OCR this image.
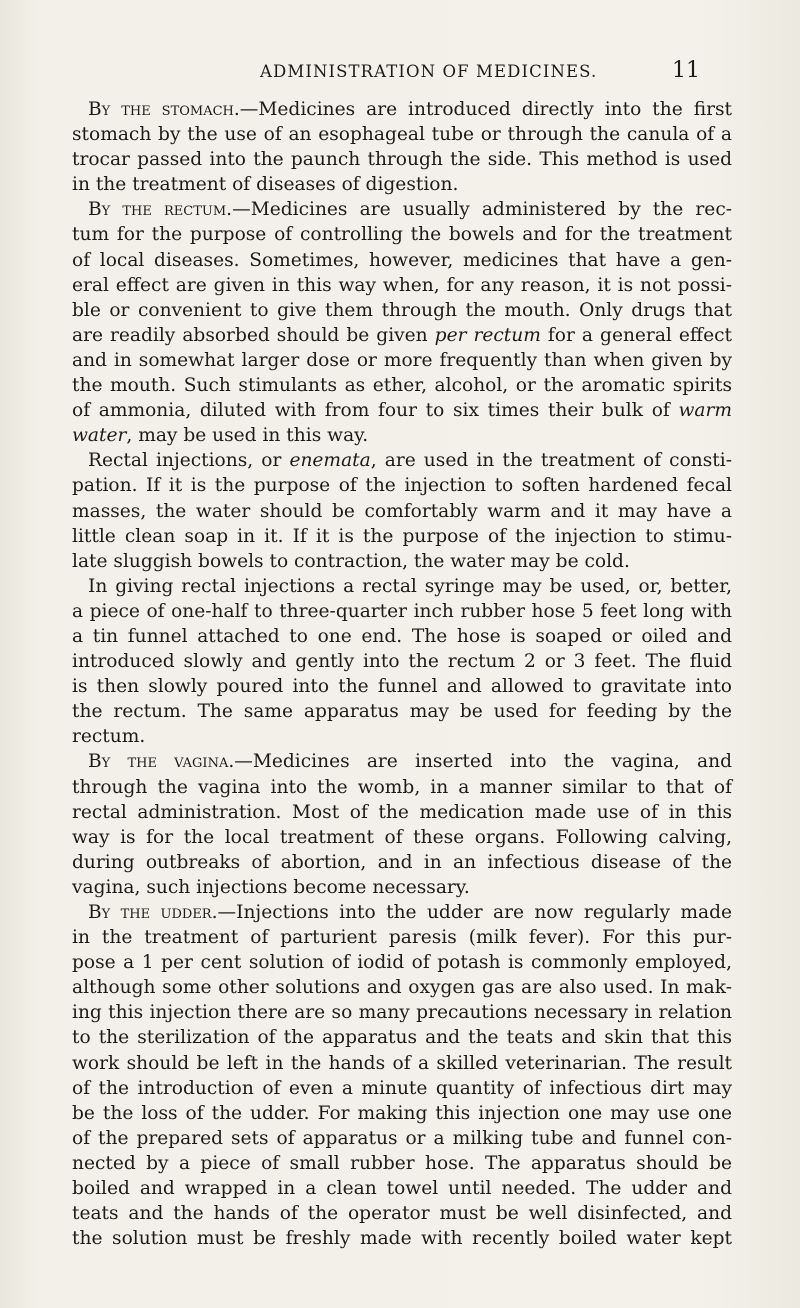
ADMINISTRATION OF MEDICINES.	11
By the stomach.—Medicines are introduced directly into the first
stomach by the use of an esophageal tube or through the canula of a
trocar passed into the paunch through the side. This method is used
in the treatment of diseases of digestion.
By the rectum.—Medicines are usually administered by the rec-
tum for the purpose of controlling the bowels and for the treatment
of local diseases. Sometimes, however, medicines that have a gen-
eral effect are given in this way when, for any reason, it is not possi-
ble or convenient to give them through the mouth. Only drugs that
are readily absorbed should be given per rectum for a general effect
and in somewhat larger dose or more frequently than when given by
the mouth. Such stimulants as ether, alcohol, or the aromatic spirits
of ammonia, diluted with from four to six times their bulk of warm
water, may be used in this way.
Rectal injections, or enemata, are used in the treatment of consti-
pation. If it is the purpose of the injection to soften hardened fecal
masses, the water should be comfortably warm and it may have a
little clean soap in it. If it is the purpose of the injection to stimu-
late sluggish bowels to contraction, the water may be cold.
In giving rectal injections a rectal syringe may be used, or, better,
a piece of one-half to three-quarter inch rubber hose 5 feet long with
a tin funnel attached to one end. The hose is soaped or oiled and
introduced slowly and gently into the rectum 2 or 3 feet. The fluid
is then slowly poured into the funnel and allowed to gravitate into
the rectum. The same apparatus may be used for feeding by the
rectum.
By the vagina.—Medicines are inserted into the vagina, and
through the vagina into the womb, in a manner similar to that of
rectal administration. Most of the medication made use of in this
way is for the local treatment of these organs. Following calving,
during outbreaks of abortion, and in an infectious disease of the
vagina, such injections become necessary.
By the udder.—Injections into the udder are now regularly made
in the treatment of parturient paresis (milk fever). For this pur-
pose a 1 per cent solution of iodid of potash is commonly employed,
although some other solutions and oxygen gas are also used. In mak-
ing this injection there are so many precautions necessary in relation
to the sterilization of the apparatus and the teats and skin that this
work should be left in the hands of a skilled veterinarian. The result
of the introduction of even a minute quantity of infectious dirt may
be the loss of the udder. For making this injection one may use one
of the prepared sets of apparatus or a milking tube and funnel con-
nected by a piece of small rubber hose. The apparatus should be
boiled and wrapped in a clean towel until needed. The udder and
teats and the hands of the operator must be well disinfected, and
the solution must be freshly made with recently boiled water kept
